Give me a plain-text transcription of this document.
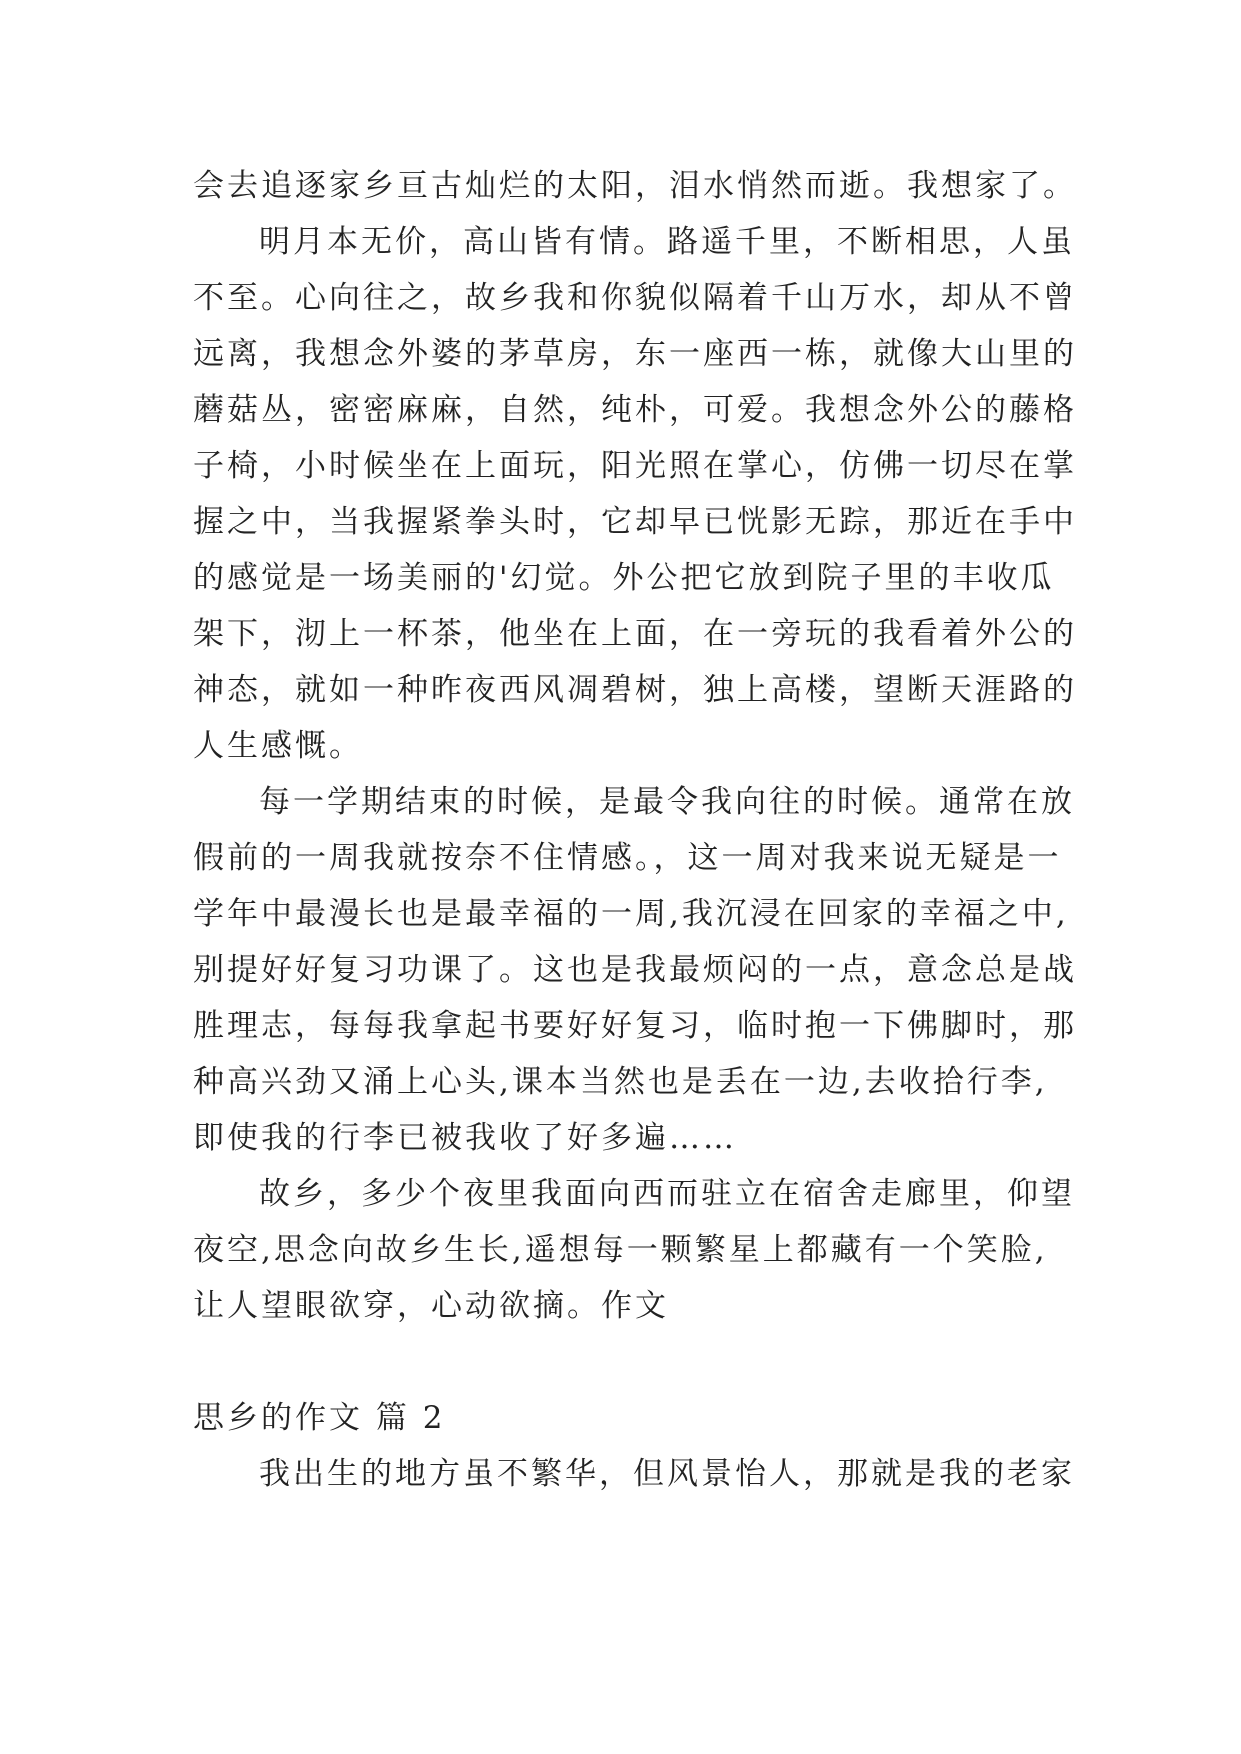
会去追逐家乡亘古灿烂的太阳，泪水悄然而逝。我想家了。
明月本无价，高山皆有情。路遥千里，不断相思，人虽
不至。心向往之，故乡我和你貌似隔着千山万水，却从不曾
远离，我想念外婆的茅草房，东一座西一栋，就像大山里的
蘑菇丛，密密麻麻，自然，纯朴，可爱。我想念外公的藤格
子椅，小时候坐在上面玩，阳光照在掌心，仿佛一切尽在掌
握之中，当我握紧拳头时，它却早已恍影无踪，那近在手中
的感觉是一场美丽的'幻觉。外公把它放到院子里的丰收瓜
架下，沏上一杯茶，他坐在上面，在一旁玩的我看着外公的
神态，就如一种昨夜西风凋碧树，独上高楼，望断天涯路的
人生感慨。
每一学期结束的时候，是最令我向往的时候。通常在放
假前的一周我就按奈不住情感。，这一周对我来说无疑是一
学年中最漫长也是最幸福的一周,我沉浸在回家的幸福之中,
别提好好复习功课了。这也是我最烦闷的一点，意念总是战
胜理志，每每我拿起书要好好复习，临时抱一下佛脚时，那
种高兴劲又涌上心头,课本当然也是丢在一边,去收拾行李,
即使我的行李已被我收了好多遍……
故乡，多少个夜里我面向西而驻立在宿舍走廊里，仰望
夜空,思念向故乡生长,遥想每一颗繁星上都藏有一个笑脸,
让人望眼欲穿，心动欲摘。作文
思乡的作文 篇 2
我出生的地方虽不繁华，但风景怡人，那就是我的老家
